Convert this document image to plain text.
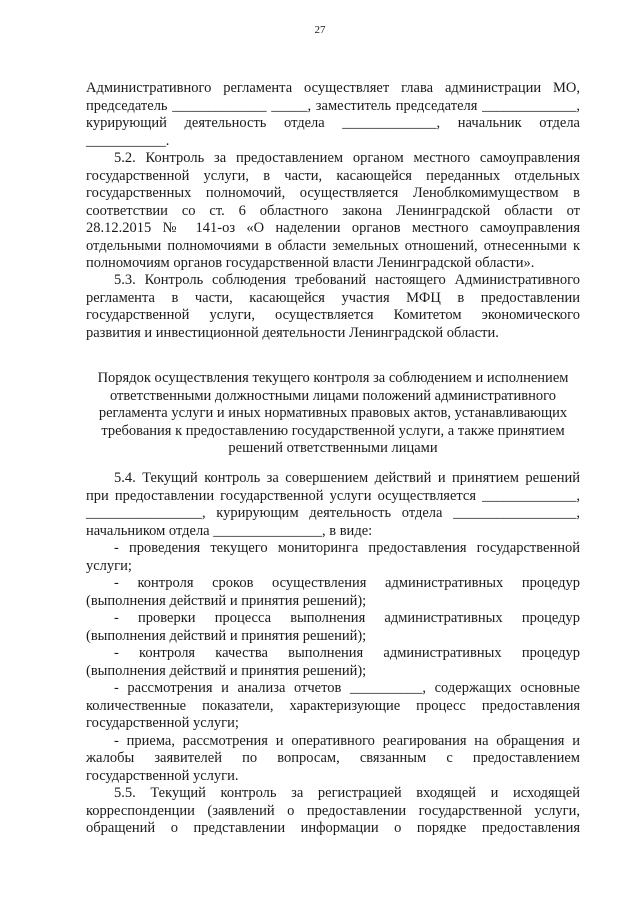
27

Административного регламента осуществляет глава администрации МО,
председатель _____________ _____, заместитель председателя _____________,
курирующий деятельность отдела _____________, начальник отдела
___________.

5.2. Контроль за предоставлением органом местного самоуправления
государственной услуги, в части, касающейся переданных отдельных
государственных полномочий, осуществляется Леноблкомимуществом в
соответствии со ст. 6 областного закона Ленинградской области от
28.12.2015 № 141-оз «О наделении органов местного самоуправления
отдельными полномочиями в области земельных отношений, отнесенными к
полномочиям органов государственной власти Ленинградской области».

5.3. Контроль соблюдения требований настоящего Административного
регламента в части, касающейся участия МФЦ в предоставлении
государственной услуги, осуществляется Комитетом экономического
развития и инвестиционной деятельности Ленинградской области.

Порядок осуществления текущего контроля за соблюдением и исполнением
ответственными должностными лицами положений административного
регламента услуги и иных нормативных правовых актов, устанавливающих
требования к предоставлению государственной услуги, а также принятием
решений ответственными лицами

5.4. Текущий контроль за совершением действий и принятием решений
при предоставлении государственной услуги осуществляется _____________,
________________, курирующим деятельность отдела _________________,
начальником отдела _______________, в виде:

- проведения текущего мониторинга предоставления государственной
услуги;

- контроля сроков осуществления административных процедур
(выполнения действий и принятия решений);

- проверки процесса выполнения административных процедур
(выполнения действий и принятия решений);

- контроля качества выполнения административных процедур
(выполнения действий и принятия решений);

- рассмотрения и анализа отчетов __________, содержащих основные
количественные показатели, характеризующие процесс предоставления
государственной услуги;

- приема, рассмотрения и оперативного реагирования на обращения и
жалобы заявителей по вопросам, связанным с предоставлением
государственной услуги.

5.5. Текущий контроль за регистрацией входящей и исходящей
корреспонденции (заявлений о предоставлении государственной услуги,
обращений о представлении информации о порядке предоставления
